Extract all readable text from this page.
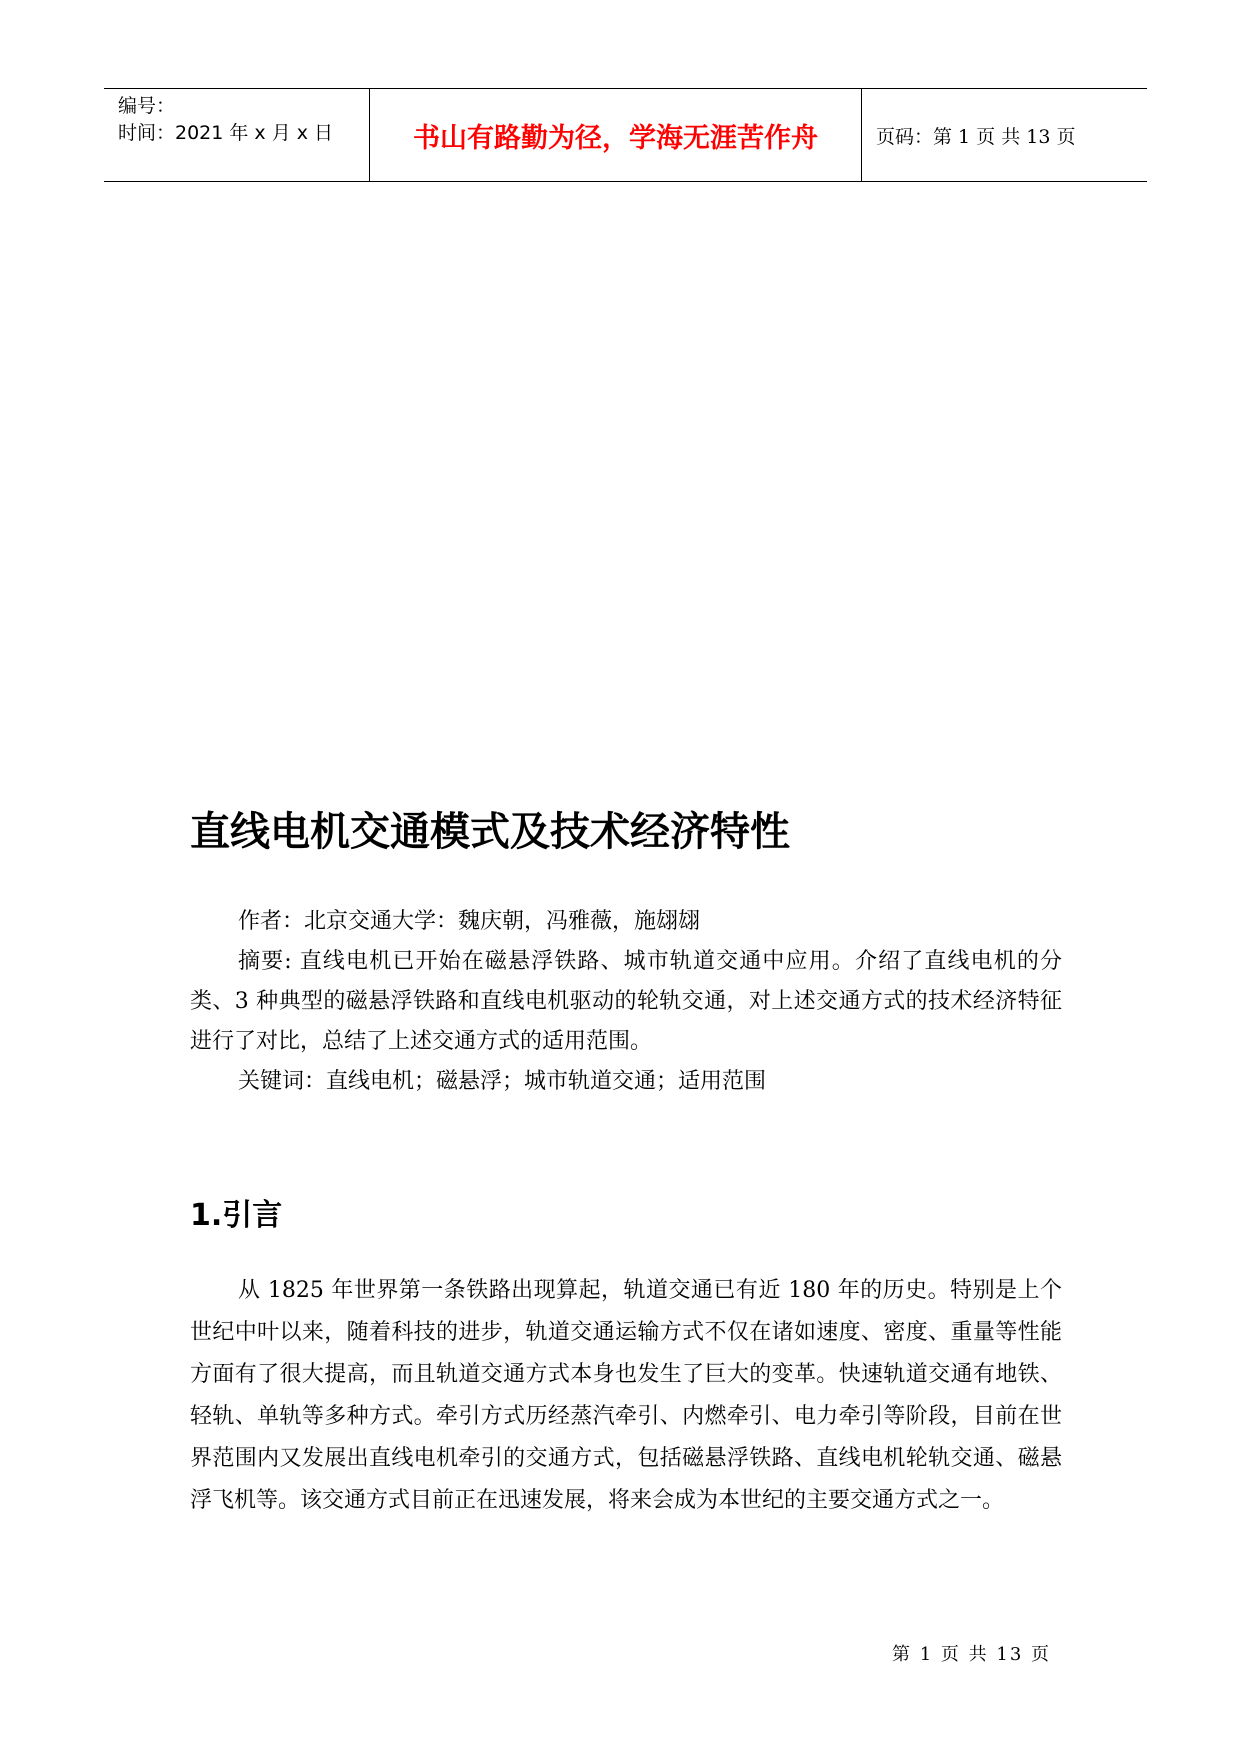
编号：
时间：2021 年 x 月 x 日	书山有路勤为径，学海无涯苦作舟	页码：第 1 页 共 13 页
直线电机交通模式及技术经济特性

作者：北京交通大学：魏庆朝，冯雅薇，施翃翃

摘要: 直线电机已开始在磁悬浮铁路、城市轨道交通中应用。介绍了直线电机的分类、3 种典型的磁悬浮铁路和直线电机驱动的轮轨交通，对上述交通方式的技术经济特征进行了对比，总结了上述交通方式的适用范围。

关键词：直线电机；磁悬浮；城市轨道交通；适用范围

1.引言

从 1825 年世界第一条铁路出现算起，轨道交通已有近 180 年的历史。特别是上个世纪中叶以来，随着科技的进步，轨道交通运输方式不仅在诸如速度、密度、重量等性能方面有了很大提高，而且轨道交通方式本身也发生了巨大的变革。快速轨道交通有地铁、轻轨、单轨等多种方式。牵引方式历经蒸汽牵引、内燃牵引、电力牵引等阶段，目前在世界范围内又发展出直线电机牵引的交通方式，包括磁悬浮铁路、直线电机轮轨交通、磁悬浮飞机等。该交通方式目前正在迅速发展，将来会成为本世纪的主要交通方式之一。

第 1 页 共 13 页
